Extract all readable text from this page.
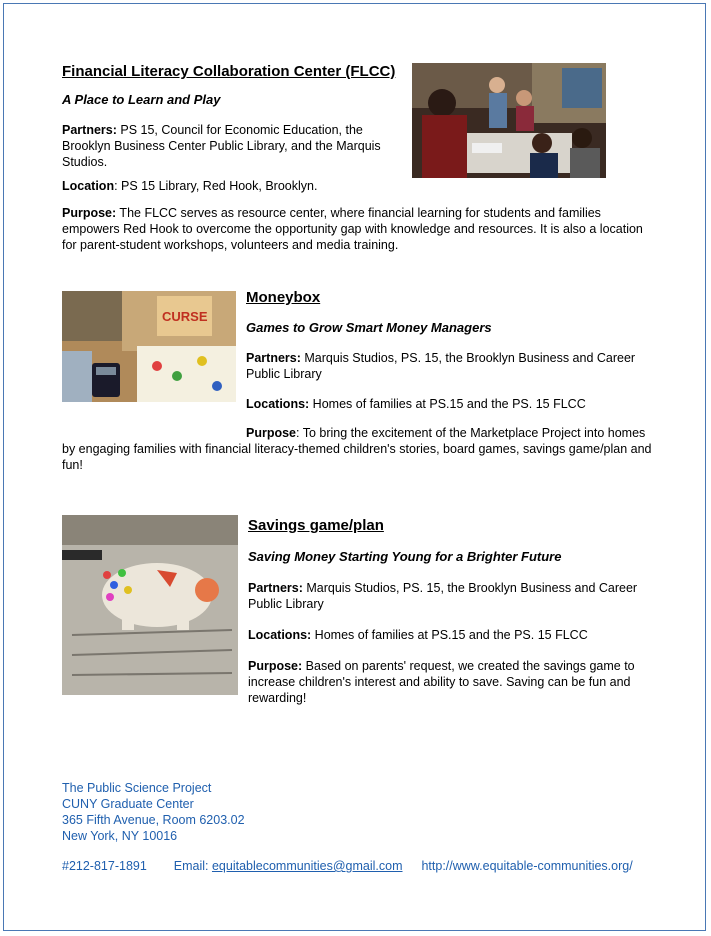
Financial Literacy Collaboration Center (FLCC)

A Place to Learn and Play

Partners: PS 15, Council for Economic Education, the Brooklyn Business Center Public Library, and the Marquis Studios.

Location: PS 15 Library, Red Hook, Brooklyn.

Purpose: The FLCC serves as resource center, where financial learning for students and families empowers Red Hook to overcome the opportunity gap with knowledge and resources. It is also a location for parent-student workshops, volunteers and media training.

CURSE
Moneybox

Games to Grow Smart Money Managers

Partners: Marquis Studios, PS. 15, the Brooklyn Business and Career Public Library

Locations: Homes of families at PS.15 and the PS. 15 FLCC

Purpose: To bring the excitement of the Marketplace Project into homes

by engaging families with financial literacy-themed children's stories, board games, savings game/plan and fun!

Savings game/plan

Saving Money Starting Young for a Brighter Future

Partners: Marquis Studios, PS. 15, the Brooklyn Business and Career Public Library

Locations: Homes of families at PS.15 and the PS. 15 FLCC

Purpose: Based on parents' request, we created the savings game to increase children's interest and ability to save. Saving can be fun and rewarding!

The Public Science Project
CUNY Graduate Center
365 Fifth Avenue, Room 6203.02
New York, NY 10016
#212-817-1891 Email: equitablecommunities@gmail.com http://www.equitable-communities.org/
